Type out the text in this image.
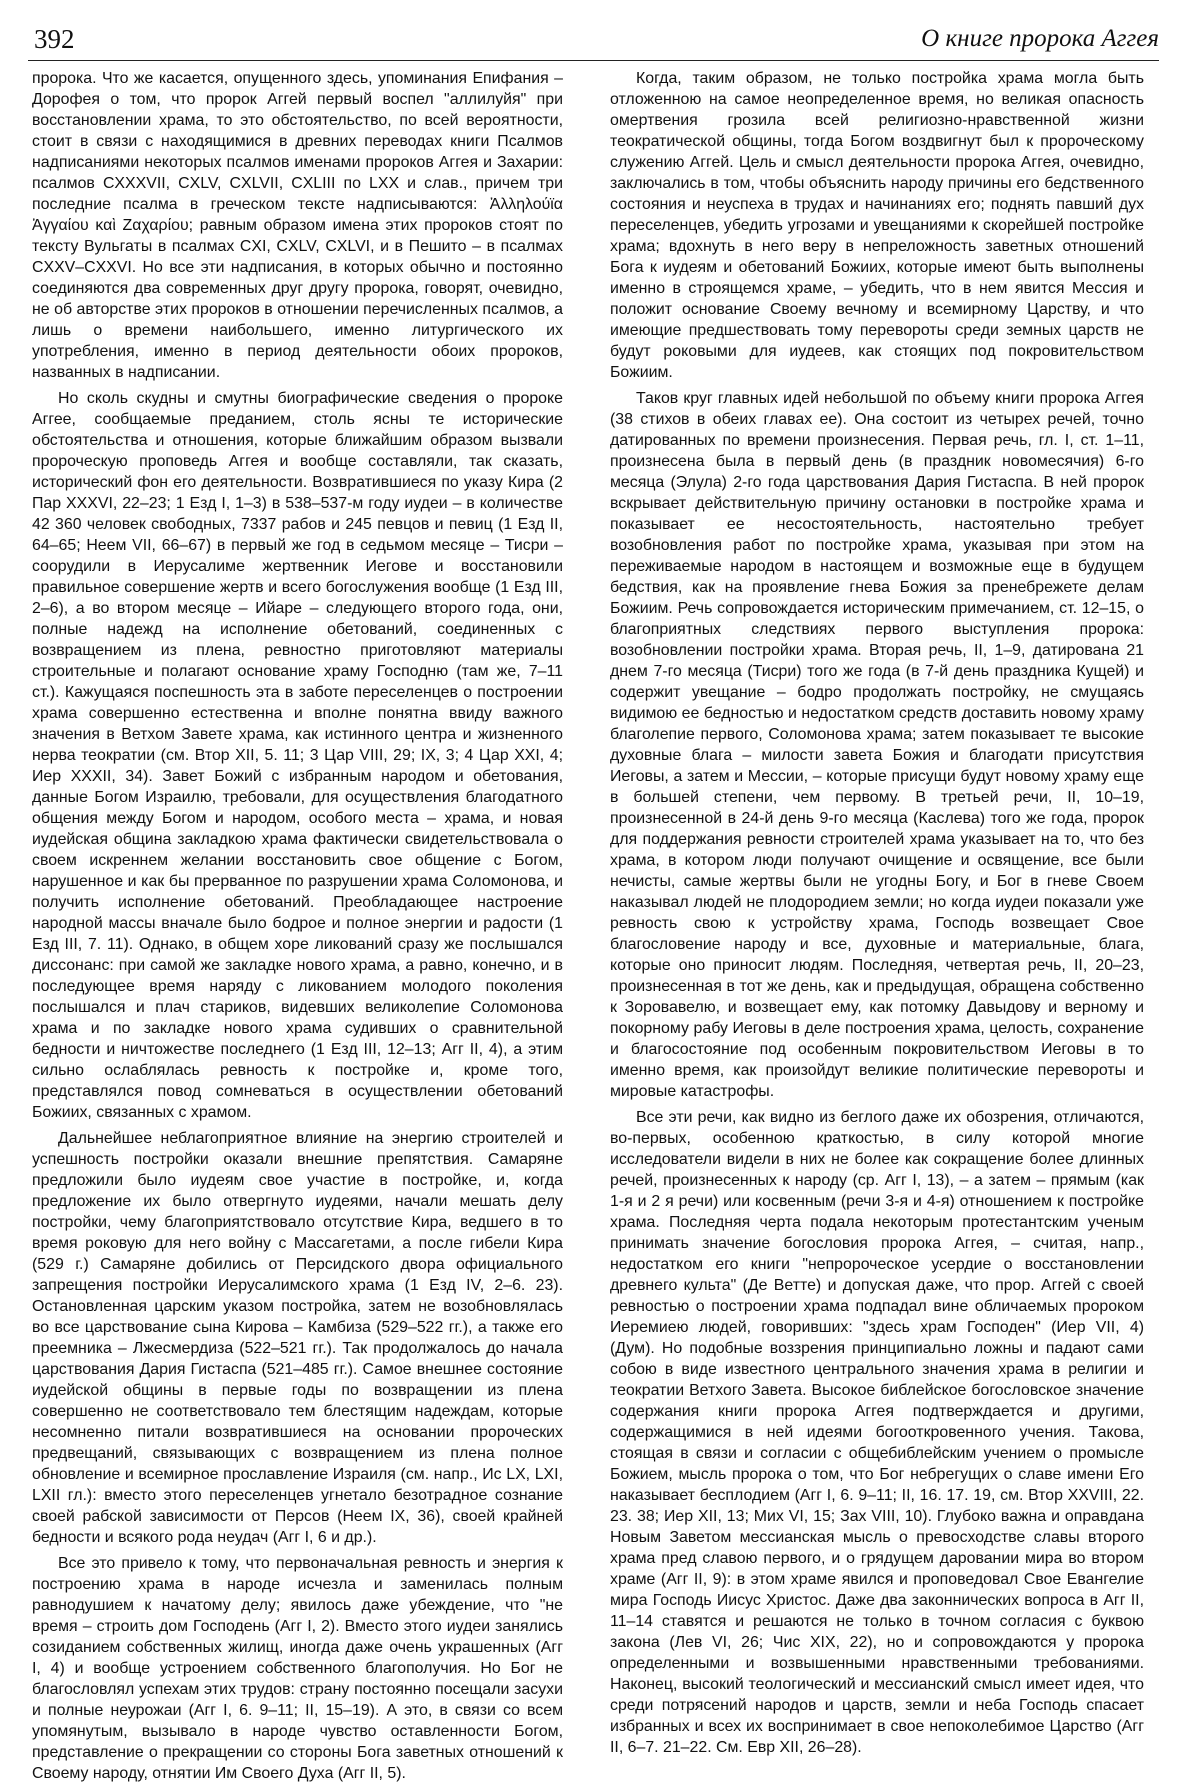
392	О книге пророка Аггея

пророка. Что же касается, опущенного здесь, упоминания Епифания – Дорофея о том, что пророк Аггей первый воспел "аллилуйя" при восстановлении храма, то это обстоятельство, по всей вероятности, стоит в связи с находящимися в древних переводах книги Псалмов надписаниями некоторых псалмов именами пророков Аггея и Захарии: псалмов CXXXVII, CXLV, CXLVII, CXLIII по LXX и слав., причем три последние псалма в греческом тексте надписываются: Ἀλληλούϊα Ἀγγαίου καὶ Ζαχαρίου; равным образом имена этих пророков стоят по тексту Вульгаты в псалмах CXI, CXLV, CXLVI, и в Пешито – в псалмах CXXV–CXXVI. Но все эти надписания, в которых обычно и постоянно соединяются два современных друг другу пророка, говорят, очевидно, не об авторстве этих пророков в отношении перечисленных псалмов, а лишь о времени наибольшего, именно литургического их употребления, именно в период деятельности обоих пророков, названных в надписании.

Но сколь скудны и смутны биографические сведения о пророке Аггее, сообщаемые преданием, столь ясны те исторические обстоятельства и отношения, которые ближайшим образом вызвали пророческую проповедь Аггея и вообще составляли, так сказать, исторический фон его деятельности. Возвратившиеся по указу Кира (2 Пар XXXVI, 22–23; 1 Езд I, 1–3) в 538–537-м году иудеи – в количестве 42 360 человек свободных, 7337 рабов и 245 певцов и певиц (1 Езд II, 64–65; Неем VII, 66–67) в первый же год в седьмом месяце – Тисри – соорудили в Иерусалиме жертвенник Иегове и восстановили правильное совершение жертв и всего богослужения вообще (1 Езд III, 2–6), а во втором месяце – Ийаре – следующего второго года, они, полные надежд на исполнение обетований, соединенных с возвращением из плена, ревностно приготовляют материалы строительные и полагают основание храму Господню (там же, 7–11 ст.). Кажущаяся поспешность эта в заботе переселенцев о построении храма совершенно естественна и вполне понятна ввиду важного значения в Ветхом Завете храма, как истинного центра и жизненного нерва теократии (см. Втор XII, 5. 11; 3 Цар VIII, 29; IX, 3; 4 Цар XXI, 4; Иер XXXII, 34). Завет Божий с избранным народом и обетования, данные Богом Израилю, требовали, для осуществления благодатного общения между Богом и народом, особого места – храма, и новая иудейская община закладкою храма фактически свидетельствовала о своем искреннем желании восстановить свое общение с Богом, нарушенное и как бы прерванное по разрушении храма Соломонова, и получить исполнение обетований. Преобладающее настроение народной массы вначале было бодрое и полное энергии и радости (1 Езд III, 7. 11). Однако, в общем хоре ликований сразу же послышался диссонанс: при самой же закладке нового храма, а равно, конечно, и в последующее время наряду с ликованием молодого поколения послышался и плач стариков, видевших великолепие Соломонова храма и по закладке нового храма судивших о сравнительной бедности и ничтожестве последнего (1 Езд III, 12–13; Агг II, 4), а этим сильно ослаблялась ревность к постройке и, кроме того, представлялся повод сомневаться в осуществлении обетований Божиих, связанных с храмом.

Дальнейшее неблагоприятное влияние на энергию строителей и успешность постройки оказали внешние препятствия. Самаряне предложили было иудеям свое участие в постройке, и, когда предложение их было отвергнуто иудеями, начали мешать делу постройки, чему благоприятствовало отсутствие Кира, ведшего в то время роковую для него войну с Массагетами, а после гибели Кира (529 г.) Самаряне добились от Персидского двора официального запрещения постройки Иерусалимского храма (1 Езд IV, 2–6. 23). Остановленная царским указом постройка, затем не возобновлялась во все царствование сына Кирова – Камбиза (529–522 гг.), а также его преемника – Лжесмердиза (522–521 гг.). Так продолжалось до начала царствования Дария Гистаспа (521–485 гг.). Самое внешнее состояние иудейской общины в первые годы по возвращении из плена совершенно не соответствовало тем блестящим надеждам, которые несомненно питали возвратившиеся на основании пророческих предвещаний, связывающих с возвращением из плена полное обновление и всемирное прославление Израиля (см. напр., Ис LX, LXI, LXII гл.): вместо этого переселенцев угнетало безотрадное сознание своей рабской зависимости от Персов (Неем IX, 36), своей крайней бедности и всякого рода неудач (Агг I, 6 и др.).

Все это привело к тому, что первоначальная ревность и энергия к построению храма в народе исчезла и заменилась полным равнодушием к начатому делу; явилось даже убеждение, что "не время – строить дом Господень (Агг I, 2). Вместо этого иудеи занялись созиданием собственных жилищ, иногда даже очень украшенных (Агг I, 4) и вообще устроением собственного благополучия. Но Бог не благословлял успехам этих трудов: страну постоянно посещали засухи и полные неурожаи (Агг I, 6. 9–11; II, 15–19). А это, в связи со всем упомянутым, вызывало в народе чувство оставленности Богом, представление о прекращении со стороны Бога заветных отношений к Своему народу, отнятии Им Своего Духа (Агг II, 5).

Когда, таким образом, не только постройка храма могла быть отложенною на самое неопределенное время, но великая опасность омертвения грозила всей религиозно-нравственной жизни теократической общины, тогда Богом воздвигнут был к пророческому служению Аггей. Цель и смысл деятельности пророка Аггея, очевидно, заключались в том, чтобы объяснить народу причины его бедственного состояния и неуспеха в трудах и начинаниях его; поднять павший дух переселенцев, убедить угрозами и увещаниями к скорейшей постройке храма; вдохнуть в него веру в непреложность заветных отношений Бога к иудеям и обетований Божиих, которые имеют быть выполнены именно в строящемся храме, – убедить, что в нем явится Мессия и положит основание Своему вечному и всемирному Царству, и что имеющие предшествовать тому перевороты среди земных царств не будут роковыми для иудеев, как стоящих под покровительством Божиим.

Таков круг главных идей небольшой по объему книги пророка Аггея (38 стихов в обеих главах ее). Она состоит из четырех речей, точно датированных по времени произнесения. Первая речь, гл. I, ст. 1–11, произнесена была в первый день (в праздник новомесячия) 6-го месяца (Элула) 2-го года царствования Дария Гистаспа. В ней пророк вскрывает действительную причину остановки в постройке храма и показывает ее несостоятельность, настоятельно требует возобновления работ по постройке храма, указывая при этом на переживаемые народом в настоящем и возможные еще в будущем бедствия, как на проявление гнева Божия за пренебрежете делам Божиим. Речь сопровождается историческим примечанием, ст. 12–15, о благоприятных следствиях первого выступления пророка: возобновлении постройки храма. Вторая речь, II, 1–9, датирована 21 днем 7-го месяца (Тисри) того же года (в 7-й день праздника Кущей) и содержит увещание – бодро продолжать постройку, не смущаясь видимою ее бедностью и недостатком средств доставить новому храму благолепие первого, Соломонова храма; затем показывает те высокие духовные блага – милости завета Божия и благодати присутствия Иеговы, а затем и Мессии, – которые присущи будут новому храму еще в большей степени, чем первому. В третьей речи, II, 10–19, произнесенной в 24-й день 9-го месяца (Каслева) того же года, пророк для поддержания ревности строителей храма указывает на то, что без храма, в котором люди получают очищение и освящение, все были нечисты, самые жертвы были не угодны Богу, и Бог в гневе Своем наказывал людей не плодородием земли; но когда иудеи показали уже ревность свою к устройству храма, Господь возвещает Свое благословение народу и все, духовные и материальные, блага, которые оно приносит людям. Последняя, четвертая речь, II, 20–23, произнесенная в тот же день, как и предыдущая, обращена собственно к Зоровавелю, и возвещает ему, как потомку Давыдову и верному и покорному рабу Иеговы в деле построения храма, целость, сохранение и благосостояние под особенным покровительством Иеговы в то именно время, как произойдут великие политические перевороты и мировые катастрофы.

Все эти речи, как видно из беглого даже их обозрения, отличаются, во-первых, особенною краткостью, в силу которой многие исследователи видели в них не более как сокращение более длинных речей, произнесенных к народу (ср. Агг I, 13), – а затем – прямым (как 1-я и 2 я речи) или косвенным (речи 3-я и 4-я) отношением к постройке храма. Последняя черта подала некоторым протестантским ученым принимать значение богословия пророка Аггея, – считая, напр., недостатком его книги "непророческое усердие о восстановлении древнего культа" (Де Ветте) и допуская даже, что прор. Аггей с своей ревностью о построении храма подпадал вине обличаемых пророком Иеремиею людей, говоривших: "здесь храм Господен" (Иер VII, 4) (Дум). Но подобные воззрения принципиально ложны и падают сами собою в виде известного центрального значения храма в религии и теократии Ветхого Завета. Высокое библейское богословское значение содержания книги пророка Аггея подтверждается и другими, содержащимися в ней идеями богооткровенного учения. Такова, стоящая в связи и согласии с общебиблейским учением о промысле Божием, мысль пророка о том, что Бог небрегущих о славе имени Его наказывает бесплодием (Агг I, 6. 9–11; II, 16. 17. 19, см. Втор XXVIII, 22. 23. 38; Иер XII, 13; Мих VI, 15; Зах VIII, 10). Глубоко важна и оправдана Новым Заветом мессианская мысль о превосходстве славы второго храма пред славою первого, и о грядущем даровании мира во втором храме (Агг II, 9): в этом храме явился и проповедовал Свое Евангелие мира Господь Иисус Христос. Даже два законнических вопроса в Агг II, 11–14 ставятся и решаются не только в точном согласия с буквою закона (Лев VI, 26; Чис XIX, 22), но и сопровождаются у пророка определенными и возвышенными нравственными требованиями. Наконец, высокий теологический и мессианский смысл имеет идея, что среди потрясений народов и царств, земли и неба Господь спасает избранных и всех их воспринимает в свое непоколебимое Царство (Агг II, 6–7. 21–22. См. Евр XII, 26–28).
